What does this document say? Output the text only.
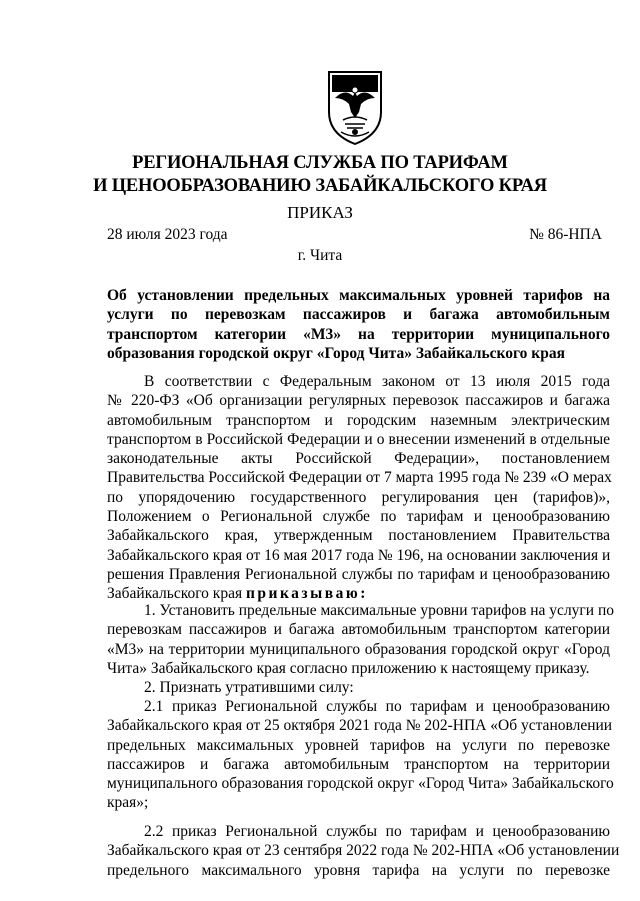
РЕГИОНАЛЬНАЯ СЛУЖБА ПО ТАРИФАМ
И ЦЕНООБРАЗОВАНИЮ ЗАБАЙКАЛЬСКОГО КРАЯ
ПРИКАЗ
28 июля 2023 года	№ 86-НПА
г. Чита
Об установлении предельных максимальных уровней тарифов на
услуги по перевозкам пассажиров и багажа автомобильным
транспортом категории «М3» на территории муниципального
образования городской округ «Город Чита» Забайкальского края
В соответствии с Федеральным законом от 13 июля 2015 года
№ 220-ФЗ «Об организации регулярных перевозок пассажиров и багажа
автомобильным транспортом и городским наземным электрическим
транспортом в Российской Федерации и о внесении изменений в отдельные
законодательные акты Российской Федерации», постановлением
Правительства Российской Федерации от 7 марта 1995 года № 239 «О мерах
по упорядочению государственного регулирования цен (тарифов)»,
Положением о Региональной службе по тарифам и ценообразованию
Забайкальского края, утвержденным постановлением Правительства
Забайкальского края от 16 мая 2017 года № 196, на основании заключения и
решения Правления Региональной службы по тарифам и ценообразованию
Забайкальского края приказываю:
1. Установить предельные максимальные уровни тарифов на услуги по
перевозкам пассажиров и багажа автомобильным транспортом категории
«М3» на территории муниципального образования городской округ «Город
Чита» Забайкальского края согласно приложению к настоящему приказу.
2. Признать утратившими силу:
2.1 приказ Региональной службы по тарифам и ценообразованию
Забайкальского края от 25 октября 2021 года № 202-НПА «Об установлении
предельных максимальных уровней тарифов на услуги по перевозке
пассажиров и багажа автомобильным транспортом на территории
муниципального образования городской округ «Город Чита» Забайкальского
края»;
2.2 приказ Региональной службы по тарифам и ценообразованию
Забайкальского края от 23 сентября 2022 года № 202-НПА «Об установлении
предельного максимального уровня тарифа на услуги по перевозке
